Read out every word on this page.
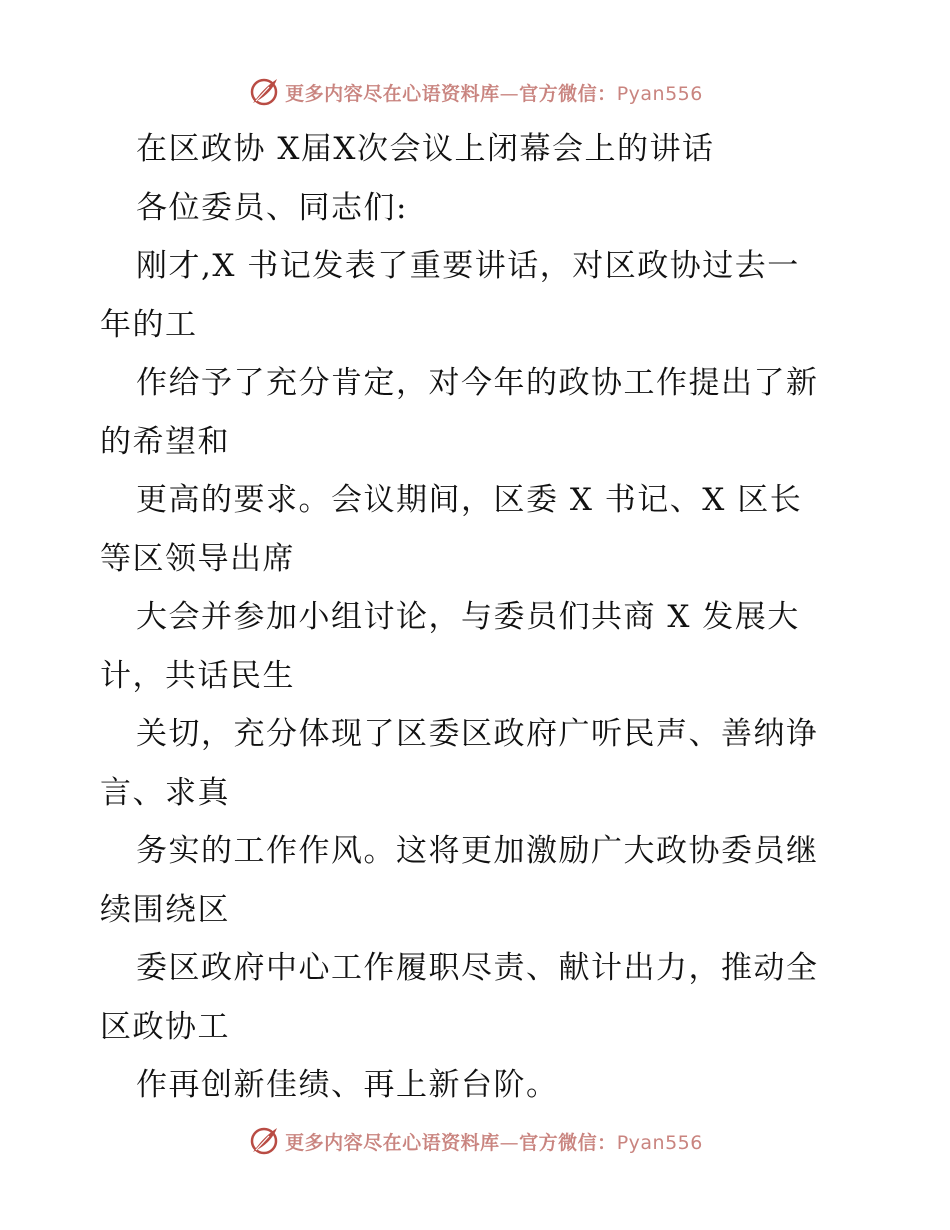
更多内容尽在心语资料库—官方微信：Pyan556
在区政协 X届X次会议上闭幕会上的讲话
各位委员、同志们:
刚才,X 书记发表了重要讲话，对区政协过去一
年的工
作给予了充分肯定，对今年的政协工作提出了新
的希望和
更高的要求。会议期间，区委 X 书记、X 区长
等区领导出席
大会并参加小组讨论，与委员们共商 X 发展大
计，共话民生
关切，充分体现了区委区政府广听民声、善纳诤
言、求真
务实的工作作风。这将更加激励广大政协委员继
续围绕区
委区政府中心工作履职尽责、献计出力，推动全
区政协工
作再创新佳绩、再上新台阶。
更多内容尽在心语资料库—官方微信：Pyan556
